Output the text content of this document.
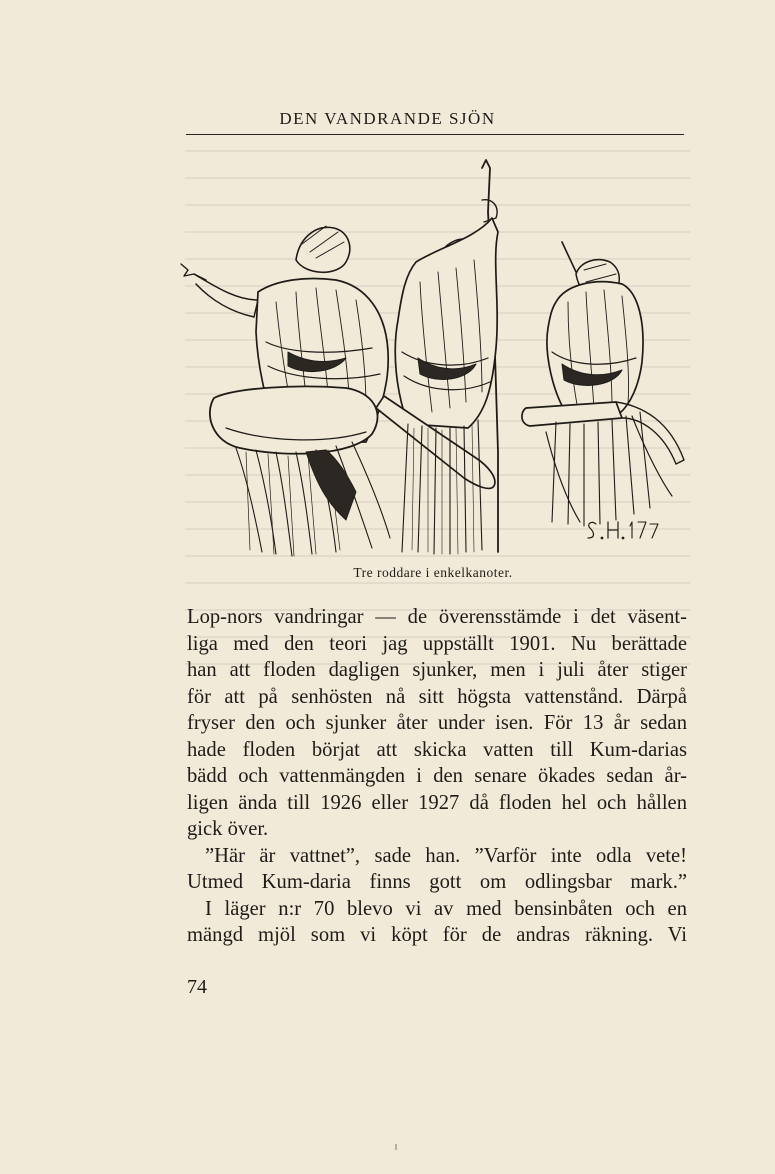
DEN VANDRANDE SJÖN
Tre roddare i enkelkanoter.
Lop-nors vandringar — de överensstämde i det väsent-
liga med den teori jag uppställt 1901. Nu berättade
han att floden dagligen sjunker, men i juli åter stiger
för att på senhösten nå sitt högsta vattenstånd. Därpå
fryser den och sjunker åter under isen. För 13 år sedan
hade floden börjat att skicka vatten till Kum-darias
bädd och vattenmängden i den senare ökades sedan år-
ligen ända till 1926 eller 1927 då floden hel och hållen
gick över.
”Här är vattnet”, sade han. ”Varför inte odla vete!
Utmed Kum-daria finns gott om odlingsbar mark.”
I läger n:r 70 blevo vi av med bensinbåten och en
mängd mjöl som vi köpt för de andras räkning. Vi
74
